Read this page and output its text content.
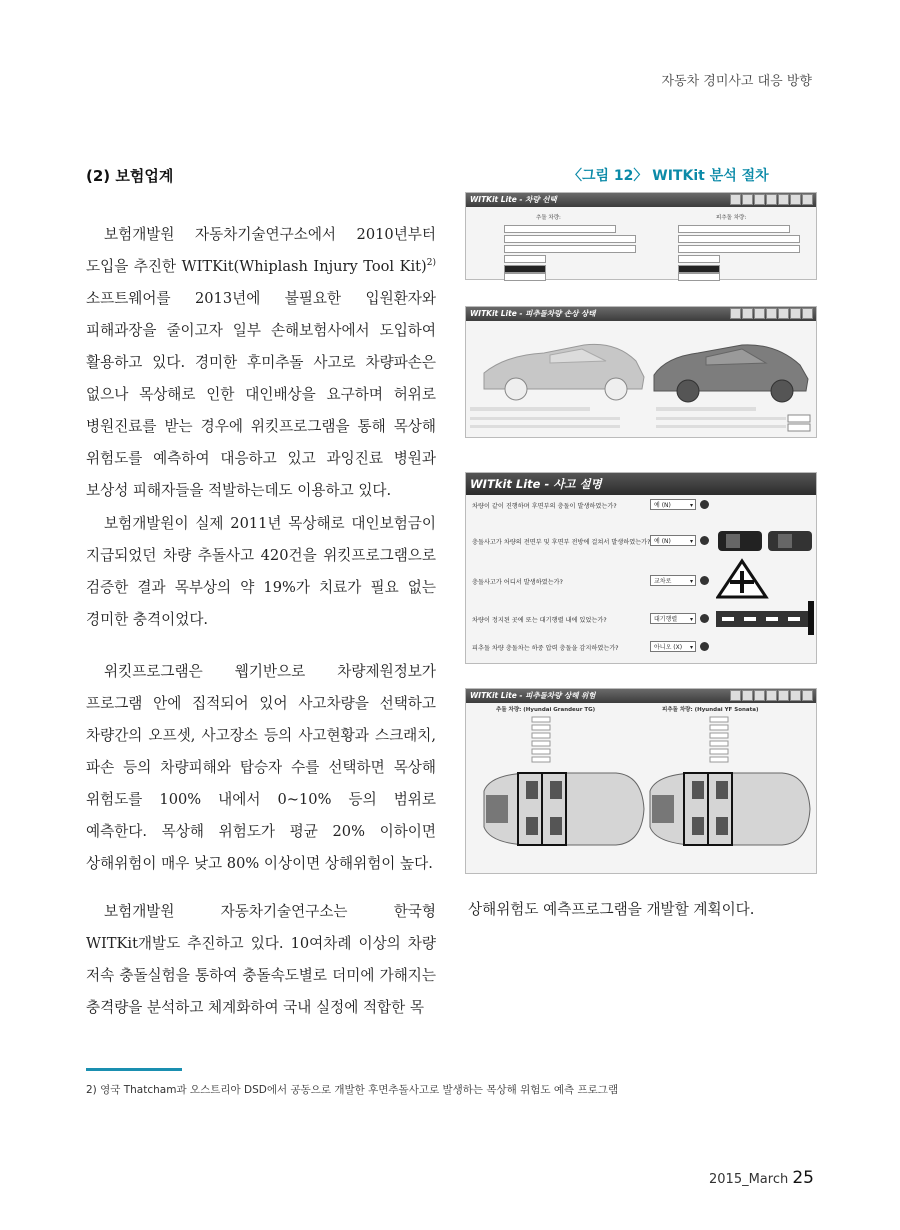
자동차 경미사고 대응 방향
(2) 보험업계	〈그림 12〉 WITKit 분석 절차

보험개발원 자동차기술연구소에서 2010년부터 도입을 추진한 WITKit(Whiplash Injury Tool Kit)$^{2)}$ 소프트웨어를 2013년에 불필요한 입원환자와 피해과장을 줄이고자 일부 손해보험사에서 도입하여 활용하고 있다. 경미한 후미추돌 사고로 차량파손은 없으나 목상해로 인한 대인배상을 요구하며 허위로 병원진료를 받는 경우에 위킷프로그램을 통해 목상해 위험도를 예측하여 대응하고 있고 과잉진료 병원과 보상성 피해자들을 적발하는데도 이용하고 있다.

보험개발원이 실제 2011년 목상해로 대인보험금이 지급되었던 차량 추돌사고 420건을 위킷프로그램으로 검증한 결과 목부상의 약 19%가 치료가 필요 없는 경미한 충격이었다.

위킷프로그램은 웹기반으로 차량제원정보가 프로그램 안에 집적되어 있어 사고차량을 선택하고 차량간의 오프셋, 사고장소 등의 사고현황과 스크래치, 파손 등의 차량피해와 탑승자 수를 선택하면 목상해 위험도를 100% 내에서 0~10% 등의 범위로 예측한다. 목상해 위험도가 평균 20% 이하이면 상해위험이 매우 낮고 80% 이상이면 상해위험이 높다.

보험개발원 자동차기술연구소는 한국형 WITKit개발도 추진하고 있다. 10여차례 이상의 차량 저속 충돌실험을 통하여 충돌속도별로 더미에 가해지는 충격량을 분석하고 체계화하여 국내 실정에 적합한 목

상해위험도 예측프로그램을 개발할 계획이다.

WITKit Lite - 차량 선택
추돌 차량:	피추돌 차량:
WITKit Lite - 피추돌차량 손상 상태
WITkit Lite - 사고 설명
차량이 같이 진행하며 후면부의 충돌이 발생하였는가?	예 (N) ▾
충돌사고가 차량의 전면부 및 후면부 전방에 걸쳐서 발생하였는가? 예 (N) ▾
충돌사고가 어디서 발생하였는가?	교차로 ▾
차량이 정지된 곳에 또는 대기행렬 내에 있었는가?	대기행렬 ▾
피추돌 차량 충돌차는 하중 압력 충돌을 감지하였는가?	아니오 (X) ▾
WITKit Lite - 피추돌차량 상해 위험
추돌 차량: (Hyundai Grandeur TG)	피추돌 차량: (Hyundai YF Sonata)
2) 영국 Thatcham과 오스트리아 DSD에서 공동으로 개발한 후면추돌사고로 발생하는 목상해 위험도 예측 프로그램
2015_March 25
